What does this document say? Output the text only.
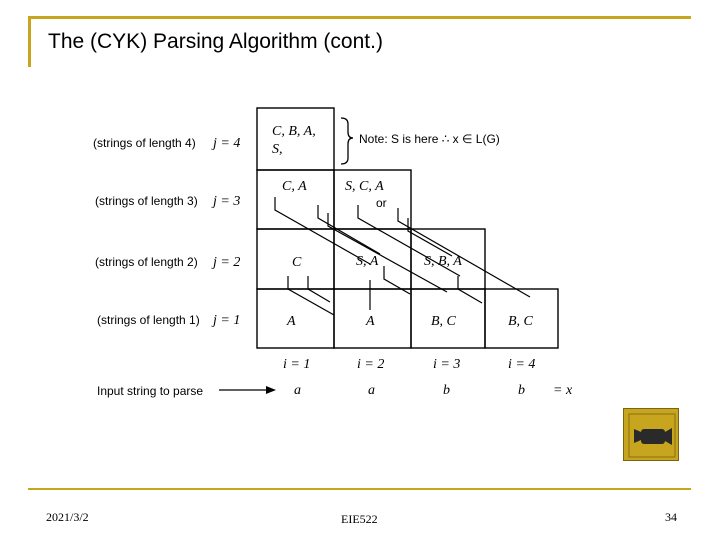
The (CYK) Parsing Algorithm (cont.)
(strings of length 4) j = 4
(strings of length 3) j = 3
(strings of length 2) j = 2
(strings of length 1) j = 1
C, B, A,
S,
C, A	S, C, A
or
C	S, A	S, B, A
A	A	B, C	B, C
Note: S is here ∴ x ∈ L(G)
i = 1	i = 2	i = 3	i = 4
Input string to parse	a	a	b	b = x
2021/3/2	EIE522	34
